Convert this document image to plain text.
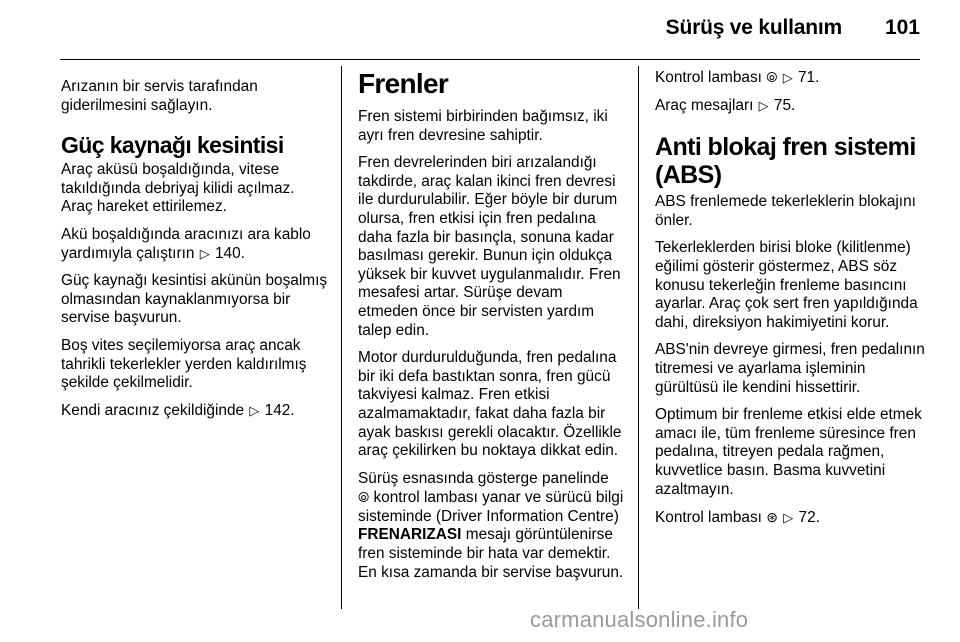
Sürüş ve kullanım 101

Arızanın bir servis tarafından giderilmesini sağlayın.

Güç kaynağı kesintisi

Araç aküsü boşaldığında, vitese takıldığında debriyaj kilidi açılmaz. Araç hareket ettirilemez.

Akü boşaldığında aracınızı ara kablo yardımıyla çalıştırın ▷ 140.

Güç kaynağı kesintisi akünün boşalmış olmasından kaynaklanmıyorsa bir servise başvurun.

Boş vites seçilemiyorsa araç ancak tahrikli tekerlekler yerden kaldırılmış şekilde çekilmelidir.

Kendi aracınız çekildiğinde ▷ 142.

Frenler

Fren sistemi birbirinden bağımsız, iki ayrı fren devresine sahiptir.

Fren devrelerinden biri arızalandığı takdirde, araç kalan ikinci fren devresi ile durdurulabilir. Eğer böyle bir durum olursa, fren etkisi için fren pedalına daha fazla bir basınçla, sonuna kadar basılması gerekir. Bunun için oldukça yüksek bir kuvvet uygulanmalıdır. Fren mesafesi artar. Sürüşe devam etmeden önce bir servisten yardım talep edin.

Motor durdurulduğunda, fren pedalına bir iki defa bastıktan sonra, fren gücü takviyesi kalmaz. Fren etkisi azalmamaktadır, fakat daha fazla bir ayak baskısı gerekli olacaktır. Özellikle araç çekilirken bu noktaya dikkat edin.

Sürüş esnasında gösterge panelinde ⦾ kontrol lambası yanar ve sürücü bilgi sisteminde (Driver Information Centre) FRENARIZASI mesajı görüntülenirse fren sisteminde bir hata var demektir. En kısa zamanda bir servise başvurun.

Kontrol lambası ⦾ ▷ 71.

Araç mesajları ▷ 75.

Anti blokaj fren sistemi (ABS)

ABS frenlemede tekerleklerin blokajını önler.

Tekerleklerden birisi bloke (kilitlenme) eğilimi gösterir göstermez, ABS söz konusu tekerleğin frenleme basıncını ayarlar. Araç çok sert fren yapıldığında dahi, direksiyon hakimiyetini korur.

ABS'nin devreye girmesi, fren pedalının titremesi ve ayarlama işleminin gürültüsü ile kendini hissettirir.

Optimum bir frenleme etkisi elde etmek amacı ile, tüm frenleme süresince fren pedalına, titreyen pedala rağmen, kuvvetlice basın. Basma kuvvetini azaltmayın.

Kontrol lambası ⊛ ▷ 72.

carmanualsonline.info
